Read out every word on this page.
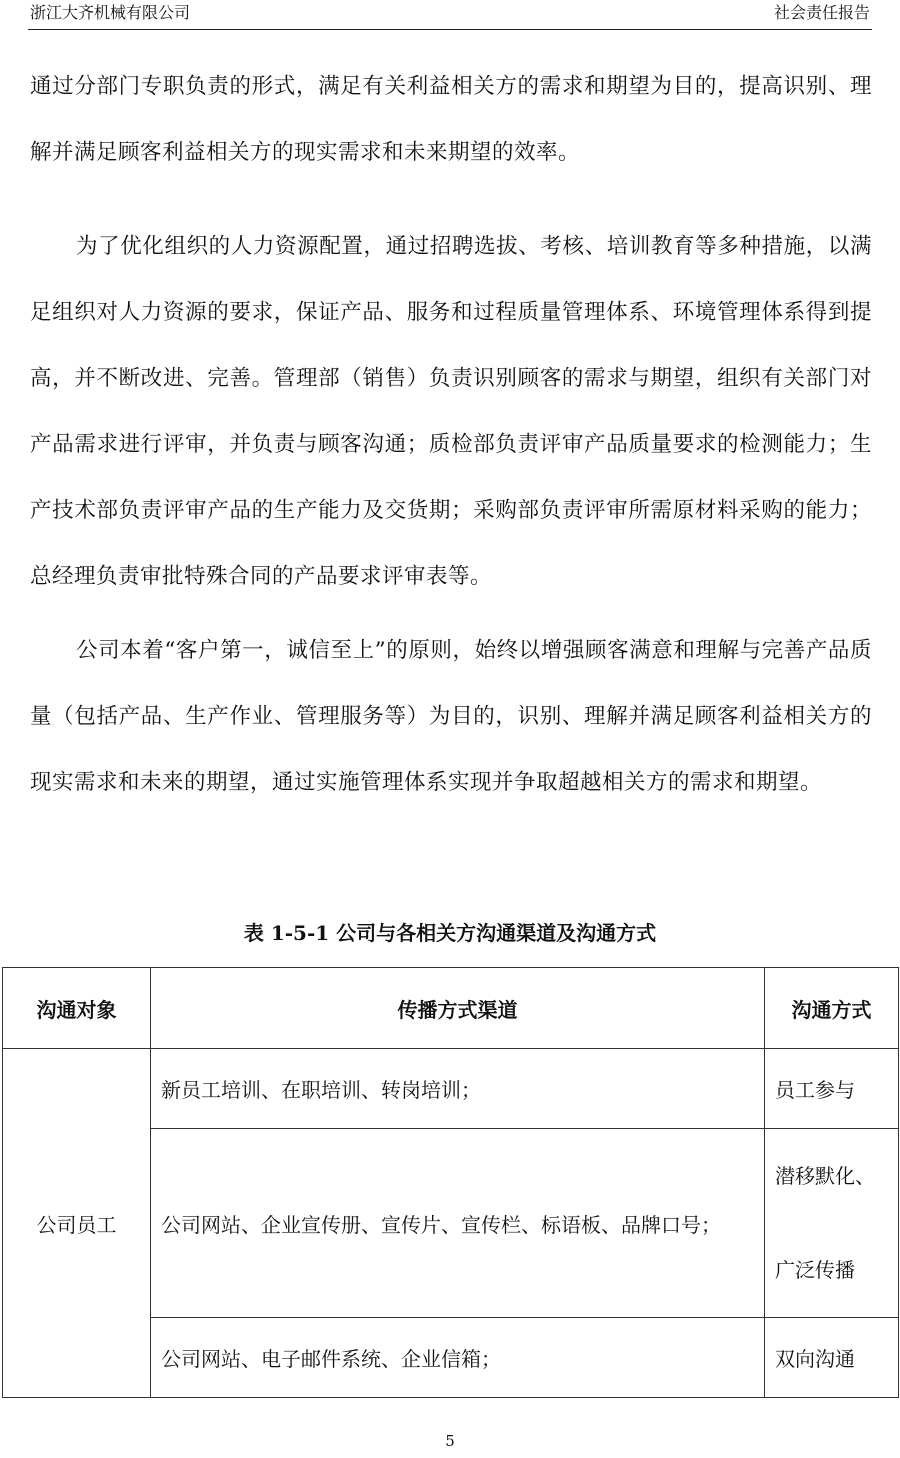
浙江大齐机械有限公司	社会责任报告

通过分部门专职负责的形式，满足有关利益相关方的需求和期望为目的，提高识别、理解并满足顾客利益相关方的现实需求和未来期望的效率。

为了优化组织的人力资源配置，通过招聘选拔、考核、培训教育等多种措施，以满足组织对人力资源的要求，保证产品、服务和过程质量管理体系、环境管理体系得到提高，并不断改进、完善。管理部（销售）负责识别顾客的需求与期望，组织有关部门对产品需求进行评审，并负责与顾客沟通；质检部负责评审产品质量要求的检测能力；生产技术部负责评审产品的生产能力及交货期；采购部负责评审所需原材料采购的能力；总经理负责审批特殊合同的产品要求评审表等。

公司本着“客户第一，诚信至上”的原则，始终以增强顾客满意和理解与完善产品质量（包括产品、生产作业、管理服务等）为目的，识别、理解并满足顾客利益相关方的现实需求和未来的期望，通过实施管理体系实现并争取超越相关方的需求和期望。

表 1-5-1 公司与各相关方沟通渠道及沟通方式
沟通对象	传播方式渠道	沟通方式
公司员工	新员工培训、在职培训、转岗培训；	员工参与
	公司网站、企业宣传册、宣传片、宣传栏、标语板、品牌口号；	潜移默化、
广泛传播

	公司网站、电子邮件系统、企业信箱；	双向沟通
5
